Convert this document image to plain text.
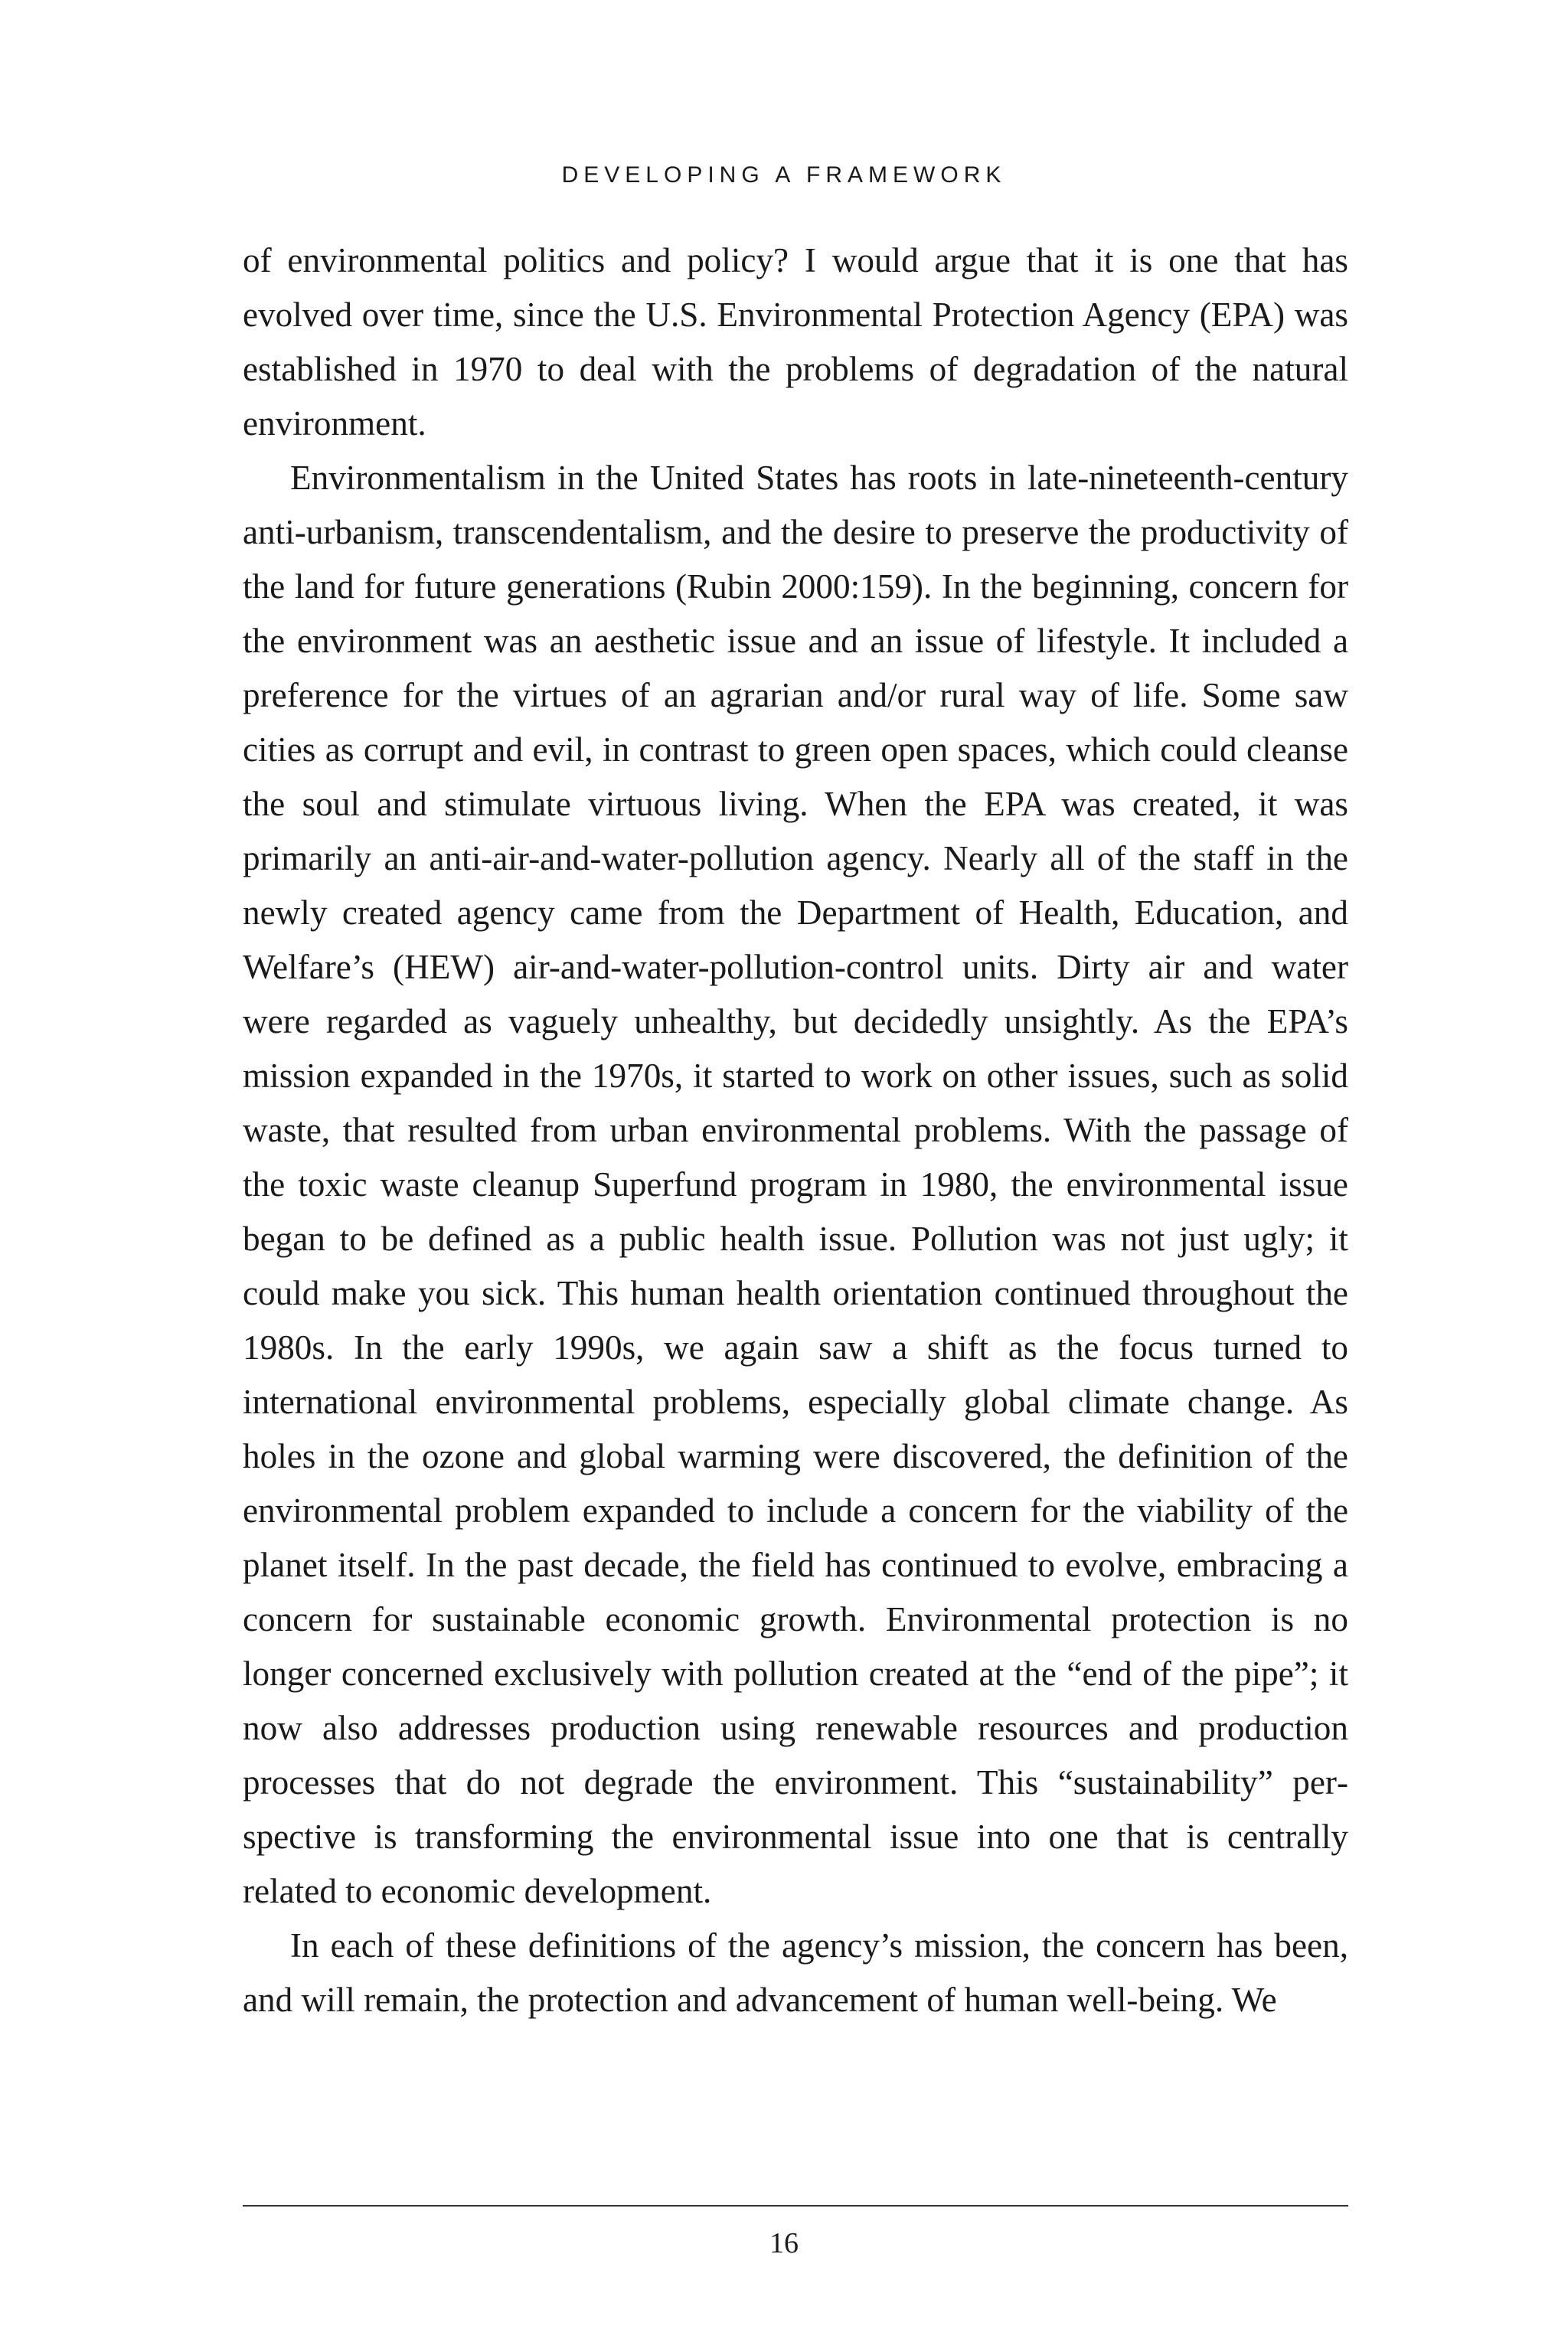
DEVELOPING A FRAMEWORK

of environmental politics and policy? I would argue that it is one that has evolved over time, since the U.S. Environmental Protection Agency (EPA) was established in 1970 to deal with the problems of degradation of the natural environment.

Environmentalism in the United States has roots in late-nineteenth-century anti-urbanism, transcendentalism, and the desire to preserve the productivity of the land for future generations (Rubin 2000:159). In the beginning, concern for the environment was an aesthetic issue and an issue of lifestyle. It included a preference for the virtues of an agrarian and/or rural way of life. Some saw cities as corrupt and evil, in contrast to green open spaces, which could cleanse the soul and stimulate virtuous living. When the EPA was created, it was primarily an anti-air-and-water-pollution agency. Nearly all of the staff in the newly created agency came from the Department of Health, Education, and Welfare’s (HEW) air-and-water-pollution-control units. Dirty air and water were regarded as vaguely unhealthy, but decidedly unsightly. As the EPA’s mission expanded in the 1970s, it started to work on other issues, such as solid waste, that resulted from urban environmental problems. With the passage of the toxic waste cleanup Superfund program in 1980, the environmental issue began to be defined as a public health issue. Pollution was not just ugly; it could make you sick. This human health orientation continued throughout the 1980s. In the early 1990s, we again saw a shift as the focus turned to international environmental problems, especially global climate change. As holes in the ozone and global warming were discovered, the definition of the environmental problem expanded to include a concern for the viability of the planet itself. In the past decade, the field has continued to evolve, embracing a concern for sustainable economic growth. Environmental protection is no longer concerned exclusively with pollution created at the “end of the pipe”; it now also addresses production using renewable resources and production processes that do not degrade the environment. This “sustainability” perspective is transforming the environmental issue into one that is centrally related to economic development.

In each of these definitions of the agency’s mission, the concern has been, and will remain, the protection and advancement of human well-being. We

16
